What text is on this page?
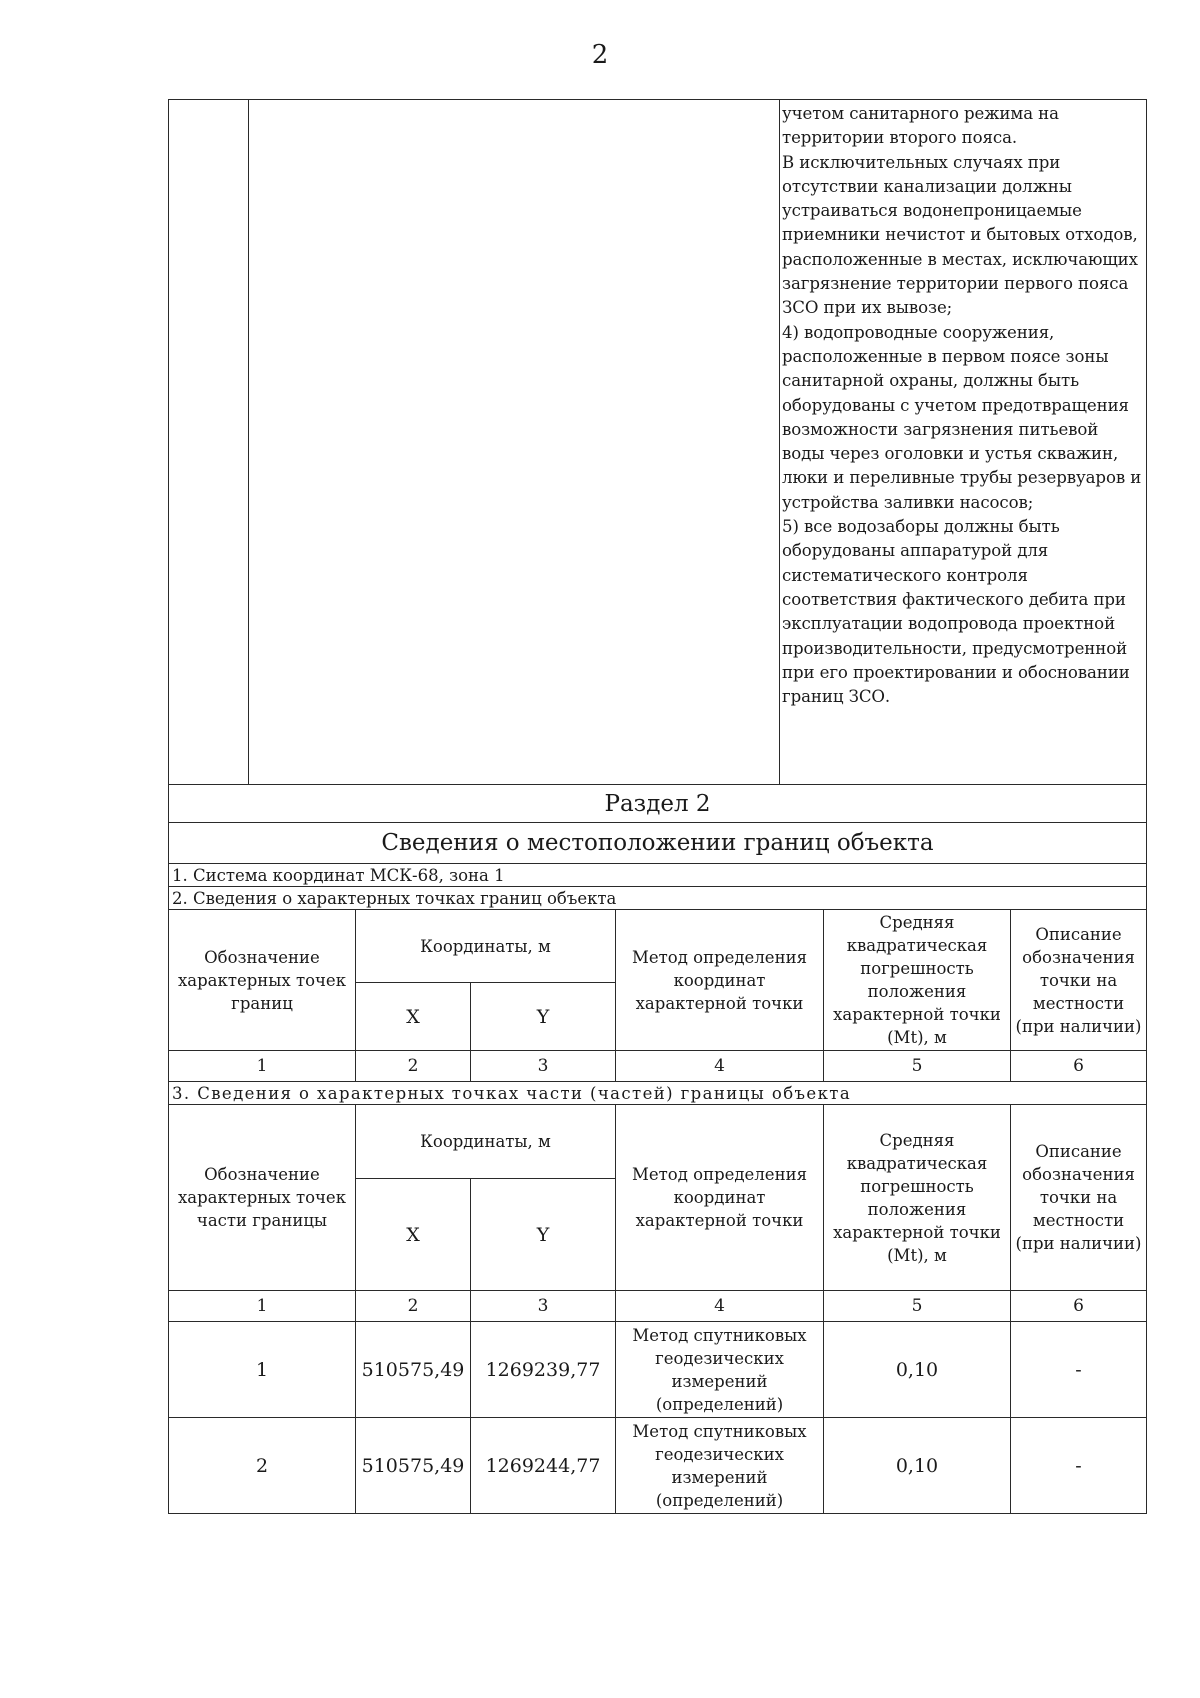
2

учетом санитарного режима на территории второго пояса.

В исключительных случаях при отсутствии канализации должны устраиваться водонепроницаемые приемники нечистот и бытовых отходов, расположенные в местах, исключающих загрязнение территории первого пояса ЗСО при их вывозе;

4) водопроводные сооружения, расположенные в первом поясе зоны санитарной охраны, должны быть оборудованы с учетом предотвращения возможности загрязнения питьевой воды через оголовки и устья скважин, люки и переливные трубы резервуаров и устройства заливки насосов;

5) все водозаборы должны быть оборудованы аппаратурой для систематического контроля соответствия фактического дебита при эксплуатации водопровода проектной производительности, предусмотренной при его проектировании и обосновании границ ЗСО.

Раздел 2					
Сведения о местоположении границ объекта					
1. Система координат МСК-68, зона 1					
2. Сведения о характерных точках границ объекта					
Обозначение характерных точек границ	Координаты, м		Метод определения координат характерной точки	Средняя квадратическая погрешность положения характерной точки (Mt), м	Описание обозначения точки на местности (при наличии)
	X	Y			
1	2	3	4	5	6
3. Сведения о характерных точках части (частей) границы объекта					
Обозначение характерных точек части границы	Координаты, м		Метод определения координат характерной точки	Средняя квадратическая погрешность положения характерной точки (Mt), м	Описание обозначения точки на местности (при наличии)
	X	Y			
1	2	3	4	5	6
1	510575,49	1269239,77	Метод спутниковых геодезических измерений (определений)	0,10	-
2	510575,49	1269244,77	Метод спутниковых геодезических измерений (определений)	0,10	-
